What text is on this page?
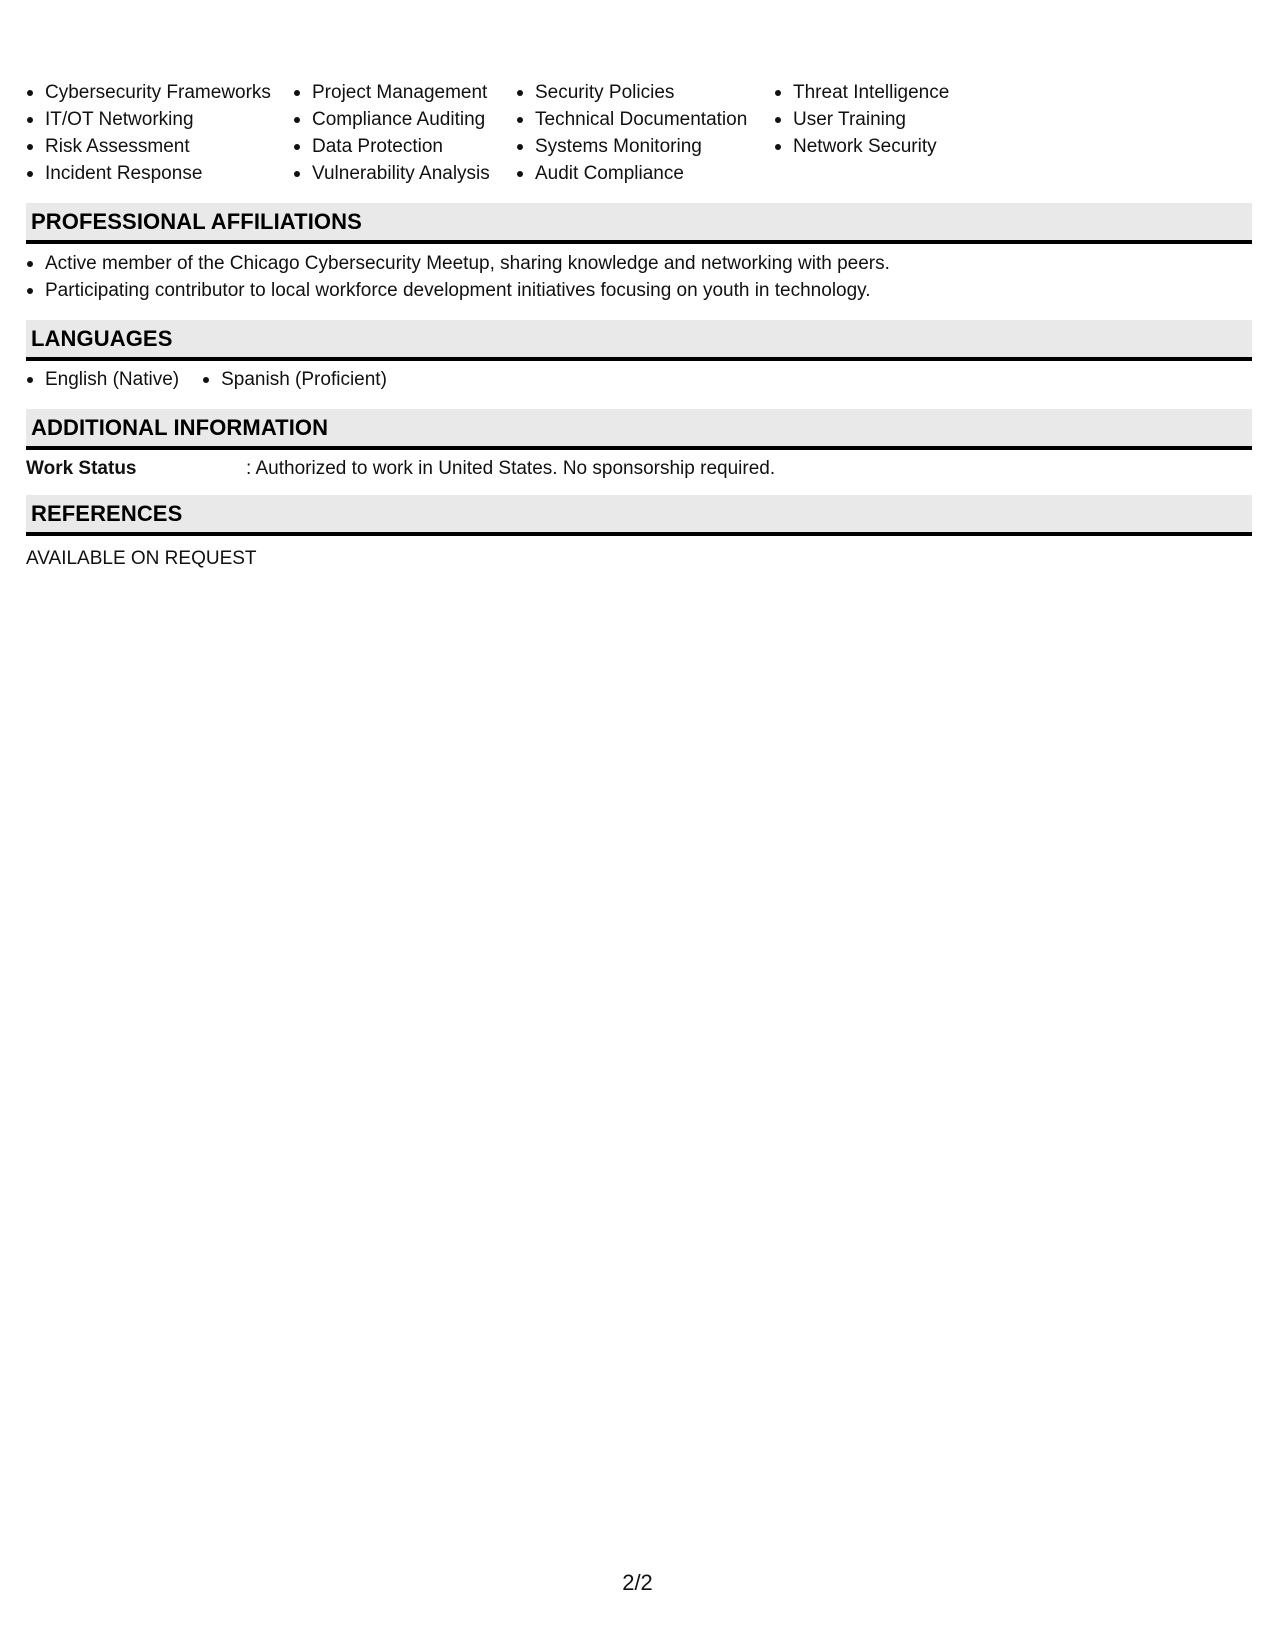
Cybersecurity Frameworks
IT/OT Networking
Risk Assessment
Incident Response
Project Management
Compliance Auditing
Data Protection
Vulnerability Analysis
Security Policies
Technical Documentation
Systems Monitoring
Audit Compliance
Threat Intelligence
User Training
Network Security
PROFESSIONAL AFFILIATIONS
Active member of the Chicago Cybersecurity Meetup, sharing knowledge and networking with peers.
Participating contributor to local workforce development initiatives focusing on youth in technology.
LANGUAGES
English (Native)	Spanish (Proficient)
ADDITIONAL INFORMATION
Work Status	: Authorized to work in United States. No sponsorship required.
REFERENCES
AVAILABLE ON REQUEST
2/2
